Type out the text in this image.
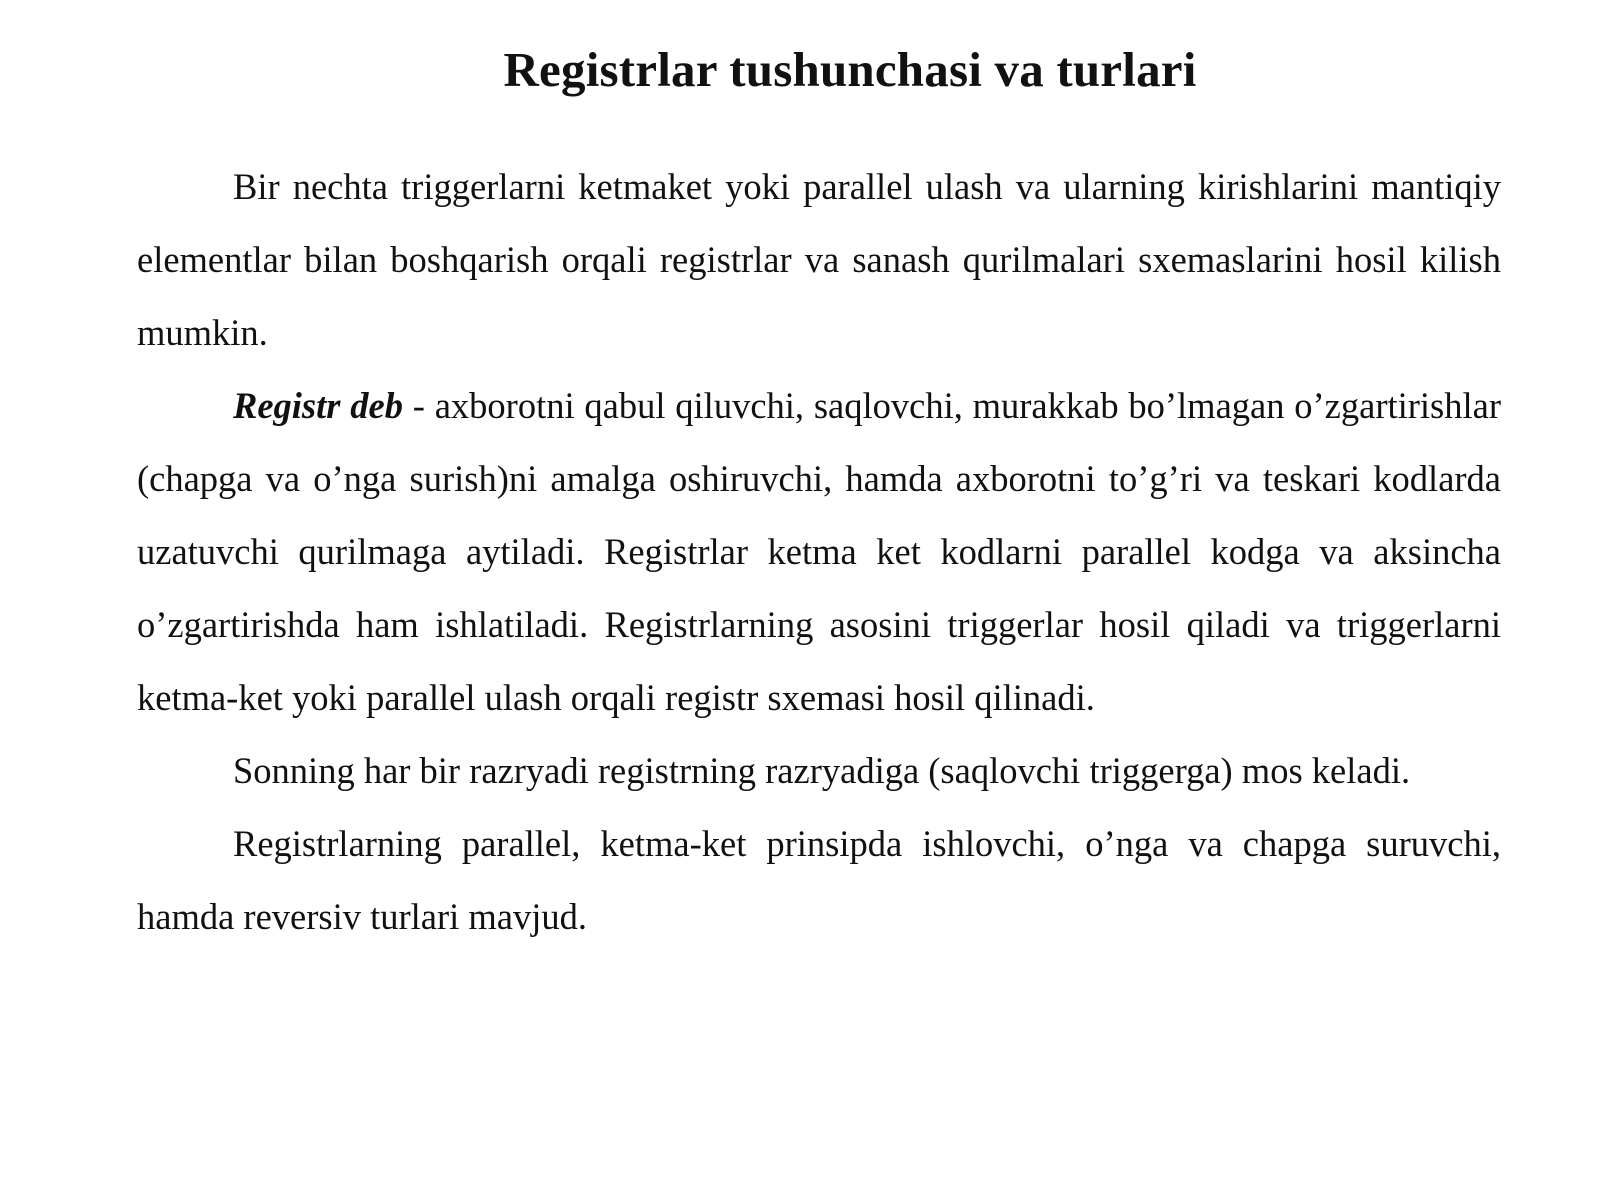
Registrlar tushunchasi va turlari

Bir nechta triggerlarni ketmaket yoki parallel ulash va ularning kirishlarini mantiqiy elementlar bilan boshqarish orqali registrlar va sanash qurilmalari sxemaslarini hosil kilish mumkin.

Registr deb - axborotni qabul qiluvchi, saqlovchi, murakkab bo’lmagan o’zgartirishlar (chapga va o’nga surish)ni amalga oshiruvchi, hamda axborotni to’g’ri va teskari kodlarda uzatuvchi qurilmaga aytiladi. Registrlar ketma ket kodlarni parallel kodga va aksincha o’zgartirishda ham ishlatiladi. Registrlarning asosini triggerlar hosil qiladi va triggerlarni ketma-ket yoki parallel ulash orqali registr sxemasi hosil qilinadi.

Sonning har bir razryadi registrning razryadiga (saqlovchi triggerga) mos keladi.

Registrlarning parallel, ketma-ket prinsipda ishlovchi, o’nga va chapga suruvchi, hamda reversiv turlari mavjud.
